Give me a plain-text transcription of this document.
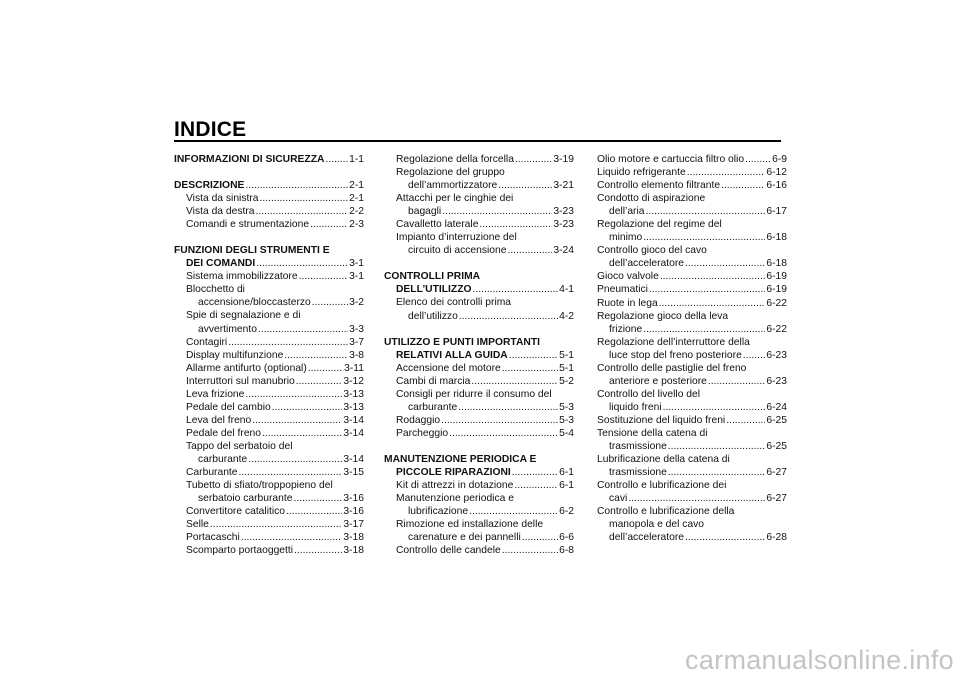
INDICE
INFORMAZIONI DI SICUREZZA ..... 1-1
DESCRIZIONE .....	2-1
Vista da sinistra .....	2-1
Vista da destra .....	2-2
Comandi e strumentazione .....	2-3
FUNZIONI DEGLI STRUMENTI E
DEI COMANDI .....	3-1
Sistema immobilizzatore .....	3-1
Blocchetto di
accensione/bloccasterzo .....	3-2
Spie di segnalazione e di
avvertimento .....	3-3
Contagiri .....	3-7
Display multifunzione .....	3-8
Allarme antifurto (optional) .....	3-11
Interruttori sul manubrio .....	3-12
Leva frizione .....	3-13
Pedale del cambio .....	3-13
Leva del freno .....	3-14
Pedale del freno .....	3-14
Tappo del serbatoio del
carburante .....	3-14
Carburante .....	3-15
Tubetto di sfiato/troppopieno del
serbatoio carburante .....	3-16
Convertitore catalitico .....	3-16
Selle .....	3-17
Portacaschi .....	3-18
Scomparto portaoggetti .....	3-18
Regolazione della forcella .....	3-19
Regolazione del gruppo
dell’ammortizzatore .....	3-21
Attacchi per le cinghie dei
bagagli .....	3-23
Cavalletto laterale .....	3-23
Impianto d’interruzione del
circuito di accensione .....	3-24
CONTROLLI PRIMA
DELL’UTILIZZO .....	4-1
Elenco dei controlli prima
dell’utilizzo .....	4-2
UTILIZZO E PUNTI IMPORTANTI
RELATIVI ALLA GUIDA .....	5-1
Accensione del motore .....	5-1
Cambi di marcia .....	5-2
Consigli per ridurre il consumo del
carburante .....	5-3
Rodaggio .....	5-3
Parcheggio .....	5-4
MANUTENZIONE PERIODICA E
PICCOLE RIPARAZIONI .....	6-1
Kit di attrezzi in dotazione .....	6-1
Manutenzione periodica e
lubrificazione .....	6-2
Rimozione ed installazione delle
carenature e dei pannelli .....	6-6
Controllo delle candele .....	6-8
Olio motore e cartuccia filtro olio .....	6-9
Liquido refrigerante .....	6-12
Controllo elemento filtrante .....	6-16
Condotto di aspirazione
dell’aria .....	6-17
Regolazione del regime del
minimo .....	6-18
Controllo gioco del cavo
dell’acceleratore .....	6-18
Gioco valvole .....	6-19
Pneumatici .....	6-19
Ruote in lega .....	6-22
Regolazione gioco della leva
frizione .....	6-22
Regolazione dell’interruttore della
luce stop del freno posteriore ..... 6-23
Controllo delle pastiglie del freno
anteriore e posteriore .....	6-23
Controllo del livello del
liquido freni .....	6-24
Sostituzione del liquido freni .....	6-25
Tensione della catena di
trasmissione .....	6-25
Lubrificazione della catena di
trasmissione .....	6-27
Controllo e lubrificazione dei
cavi .....	6-27
Controllo e lubrificazione della
manopola e del cavo
dell’acceleratore .....	6-28
carmanualsonline.info
